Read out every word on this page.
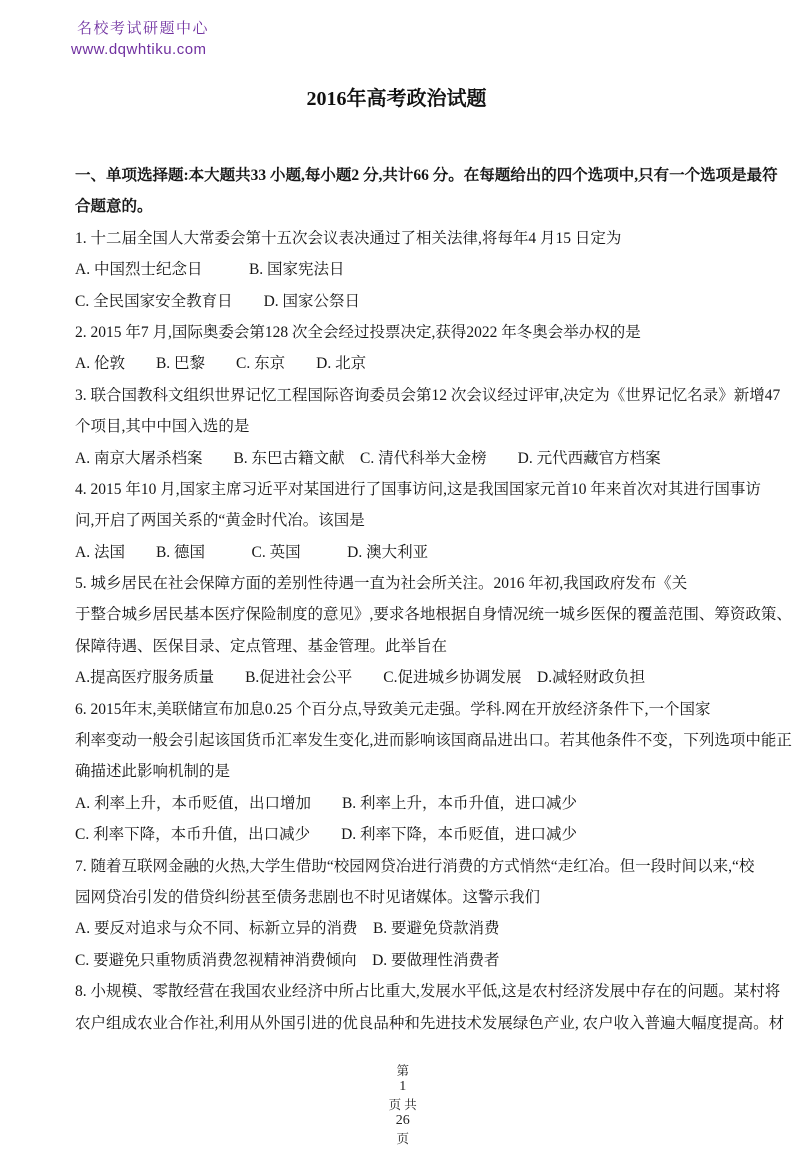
名校考试研题中心
www.dqwhtiku.com
2016年高考政治试题
一、单项选择题:本大题共33 小题,每小题2 分,共计66 分。在每题给出的四个选项中,只有一个选项是最符
合题意的。
1. 十二届全国人大常委会第十五次会议表决通过了相关法律,将每年4 月15 日定为
A. 中国烈士纪念日　　　B. 国家宪法日
C. 全民国家安全教育日　　D. 国家公祭日
2. 2015 年7 月,国际奥委会第128 次全会经过投票决定,获得2022 年冬奥会举办权的是
A. 伦敦　　B. 巴黎　　C. 东京　　D. 北京
3. 联合国教科文组织世界记忆工程国际咨询委员会第12 次会议经过评审,决定为《世界记忆名录》新增47
个项目,其中中国入选的是
A. 南京大屠杀档案　　B. 东巴古籍文献　C. 清代科举大金榜　　D. 元代西藏官方档案
4. 2015 年10 月,国家主席习近平对某国进行了国事访问,这是我国国家元首10 年来首次对其进行国事访
问,开启了两国关系的“黄金时代冶。该国是
A. 法国　　B. 德国　　　C. 英国　　　D. 澳大利亚
5. 城乡居民在社会保障方面的差别性待遇一直为社会所关注。2016 年初,我国政府发布《关
于整合城乡居民基本医疗保险制度的意见》,要求各地根据自身情况统一城乡医保的覆盖范围、筹资政策、
保障待遇、医保目录、定点管理、基金管理。此举旨在
A.提高医疗服务质量　　B.促进社会公平　　C.促进城乡协调发展　D.减轻财政负担
6. 2015年末,美联储宣布加息0.25 个百分点,导致美元走强。学科.网在开放经济条件下,一个国家
利率变动一般会引起该国货币汇率发生变化,进而影响该国商品进出口。若其他条件不变，下列选项中能正
确描述此影响机制的是
A. 利率上升，本币贬值，出口增加　　B. 利率上升，本币升值，进口减少
C. 利率下降，本币升值，出口减少　　D. 利率下降，本币贬值，进口减少
7. 随着互联网金融的火热,大学生借助“校园网贷冶进行消费的方式悄然“走红冶。但一段时间以来,“校
园网贷冶引发的借贷纠纷甚至债务悲剧也不时见诸媒体。这警示我们
A. 要反对追求与众不同、标新立异的消费　B. 要避免贷款消费
C. 要避免只重物质消费忽视精神消费倾向　D. 要做理性消费者
8. 小规模、零散经营在我国农业经济中所占比重大,发展水平低,这是农村经济发展中存在的问题。某村将
农户组成农业合作社,利用从外国引进的优良品种和先进技术发展绿色产业, 农户收入普遍大幅度提高。材

第
1
页 共
26
页
